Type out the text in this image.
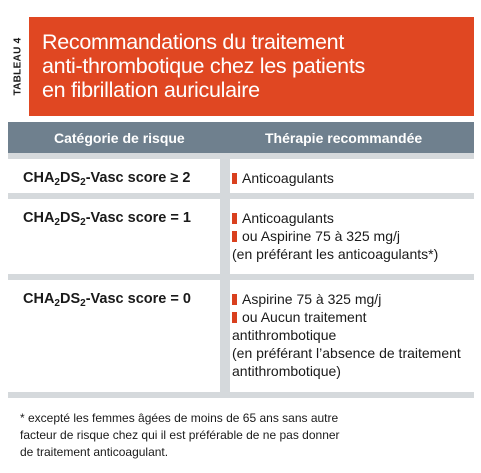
TABLEAU 4 Recommandations du traitement
anti-thrombotique chez les patients
en fibrillation auriculaire
Catégorie de risque	Thérapie recommandée
$CHA_2DS_2$-Vasc score ≥ 2	Anticoagulants
$CHA_2DS_2$-Vasc score = 1	Anticoagulants
ou Aspirine 75 à 325 mg/j
(en préférant les anticoagulants*)
$CHA_2DS_2$-Vasc score = 0	Aspirine 75 à 325 mg/j
ou Aucun traitement
antithrombotique
(en préférant l’absence de traitement
antithrombotique)
* excepté les femmes âgées de moins de 65 ans sans autre
facteur de risque chez qui il est préférable de ne pas donner
de traitement anticoagulant.
